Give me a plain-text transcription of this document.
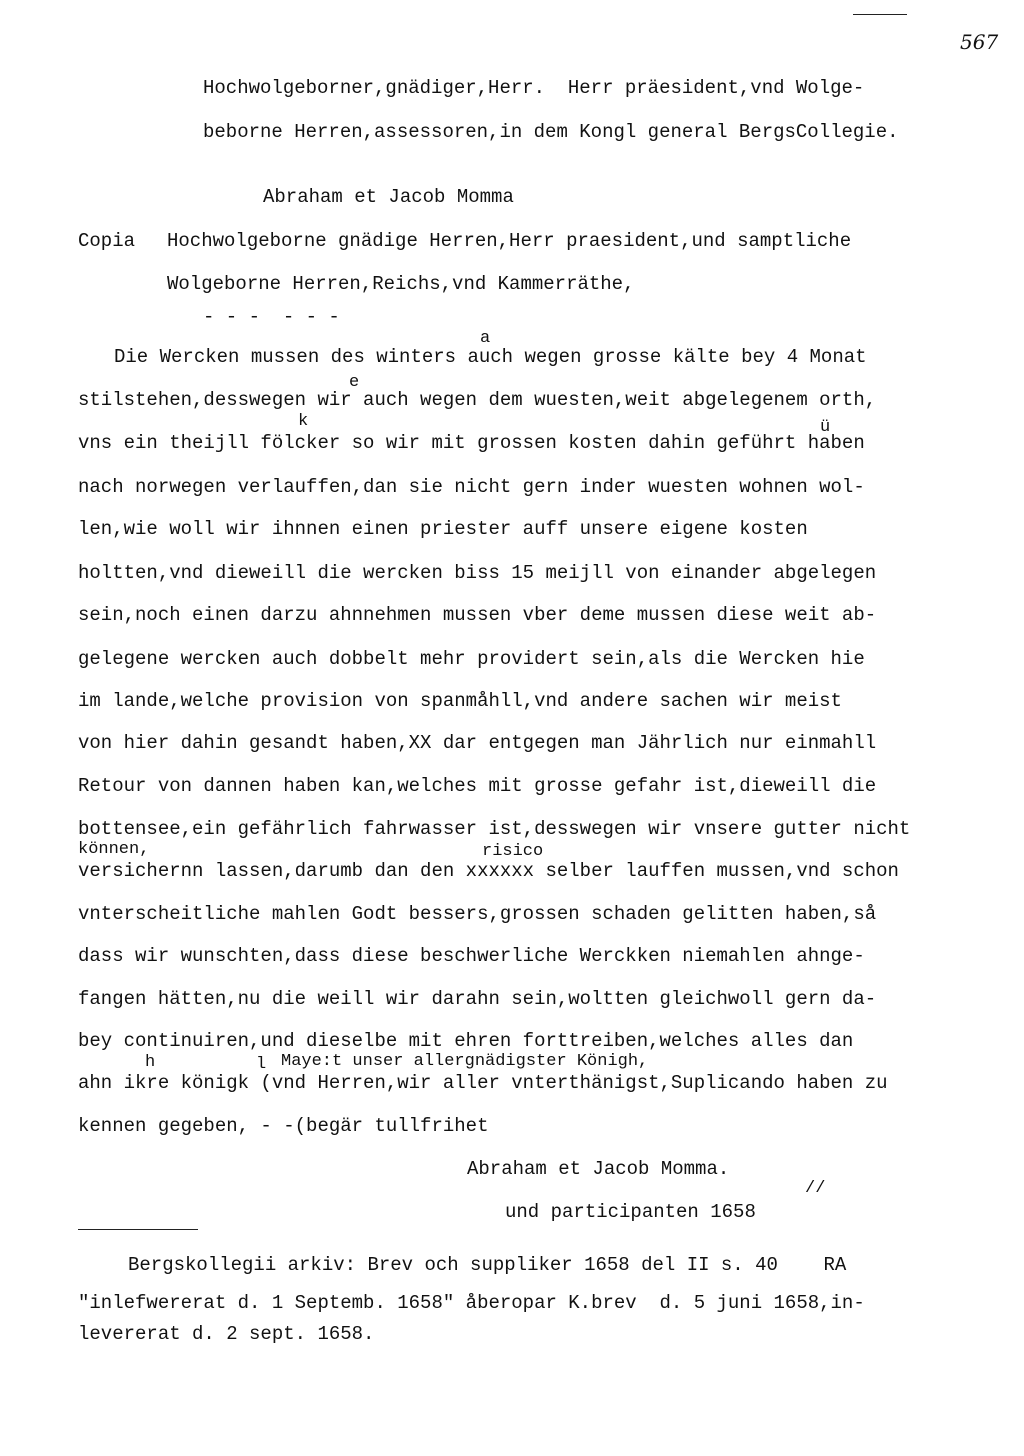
567
Hochwolgeborner,gnädiger,Herr.  Herr präesident,vnd Wolge-
beborne Herren,assessoren,in dem Kongl general BergsCollegie.
Abraham et Jacob Momma
Copia Hochwolgeborne gnädige Herren,Herr praesident,und samptliche
Wolgeborne Herren,Reichs,vnd Kammerräthe,
- - -  - - -
a
e
k	ü
Die Wercken mussen des winters auch wegen grosse kälte bey 4 Monat
stilstehen,desswegen wir auch wegen dem wuesten,weit abgelegenem orth,
vns ein theijll fölcker so wir mit grossen kosten dahin geführt haben
nach norwegen verlauffen,dan sie nicht gern inder wuesten wohnen wol-
len,wie woll wir ihnnen einen priester auff unsere eigene kosten
holtten,vnd dieweill die wercken biss 15 meijll von einander abgelegen
sein,noch einen darzu ahnnehmen mussen vber deme mussen diese weit ab-
gelegene wercken auch dobbelt mehr providert sein,als die Wercken hie
im lande,welche provision von spanmåhll,vnd andere sachen wir meist
von hier dahin gesandt haben,XX dar entgegen man Jährlich nur einmahll
Retour von dannen haben kan,welches mit grosse gefahr ist,dieweill die
bottensee,ein gefährlich fahrwasser ist,desswegen wir vnsere gutter nicht
können,	risico
versichernn lassen,darumb dan den xxxxxx selber lauffen mussen,vnd schon
vnterscheitliche mahlen Godt bessers,grossen schaden gelitten haben,så
dass wir wunschten,dass diese beschwerliche Werckken niemahlen ahnge-
fangen hätten,nu die weill wir darahn sein,woltten gleichwoll gern da-
bey continuiren,und dieselbe mit ehren forttreiben,welches alles dan
h	l Maye:t unser allergnädigster Königh,
ahn ikre königk (vnd Herren,wir aller vnterthänigst,Suplicando haben zu
kennen gegeben, - -(begär tullfrihet
Abraham et Jacob Momma.
und participanten 1658
//
Bergskollegii arkiv: Brev och suppliker 1658 del II s. 40    RA
"inlefwererat d. 1 Septemb. 1658" åberopar K.brev  d. 5 juni 1658,in-
levererat d. 2 sept. 1658.
